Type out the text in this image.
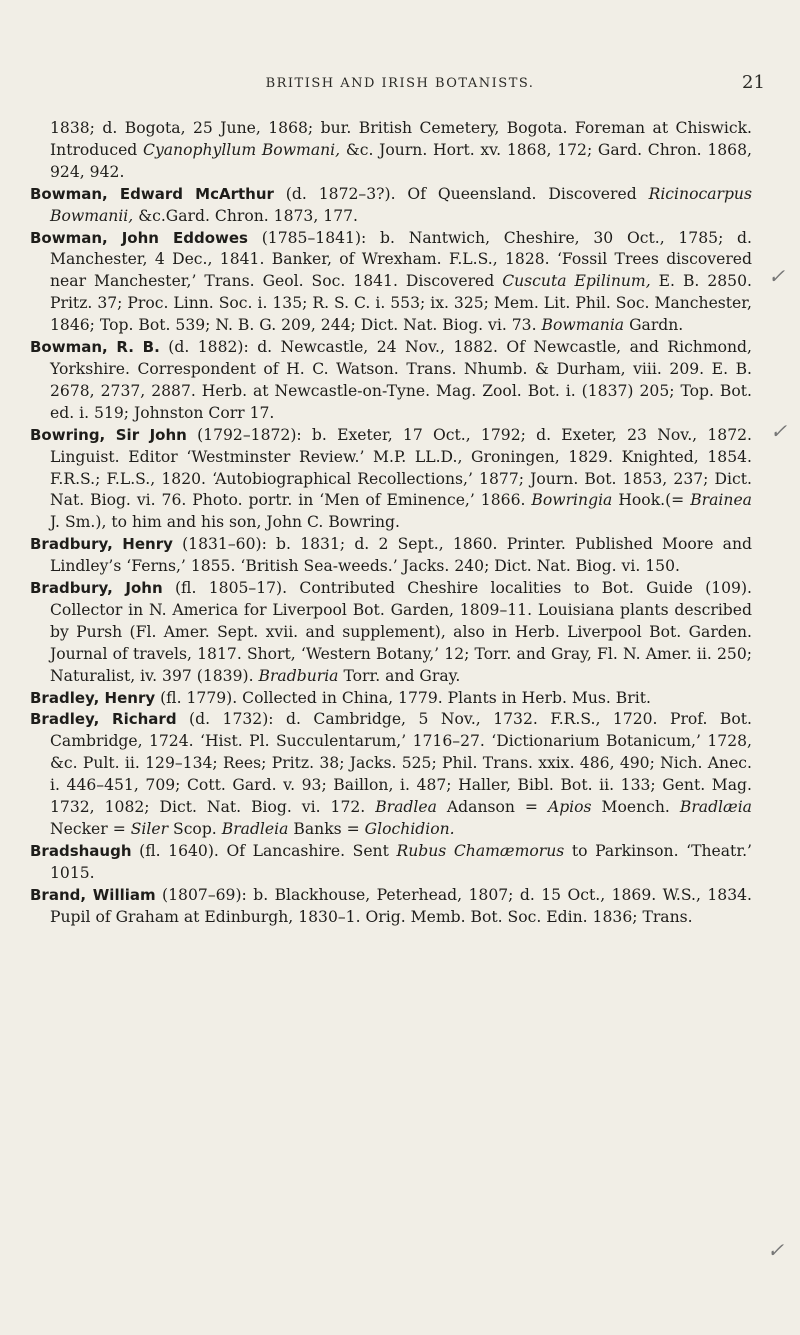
BRITISH AND IRISH BOTANISTS.	21
✓
✓
✓

1838; d. Bogota, 25 June, 1868; bur. British Cemetery, Bogota. Foreman at Chiswick. Introduced Cyanophyllum Bowmani, &c. Journ. Hort. xv. 1868, 172; Gard. Chron. 1868, 924, 942.

Bowman, Edward McArthur (d. 1872–3?). Of Queensland. Discovered Ricinocarpus Bowmanii, &c.Gard. Chron. 1873, 177.

Bowman, John Eddowes (1785–1841): b. Nantwich, Cheshire, 30 Oct., 1785; d. Manchester, 4 Dec., 1841. Banker, of Wrexham. F.L.S., 1828. ‘Fossil Trees discovered near Manchester,’ Trans. Geol. Soc. 1841. Discovered Cuscuta Epilinum, E. B. 2850. Pritz. 37; Proc. Linn. Soc. i. 135; R. S. C. i. 553; ix. 325; Mem. Lit. Phil. Soc. Manchester, 1846; Top. Bot. 539; N. B. G. 209, 244; Dict. Nat. Biog. vi. 73. Bowmania Gardn.

Bowman, R. B. (d. 1882): d. Newcastle, 24 Nov., 1882. Of Newcastle, and Richmond, Yorkshire. Correspondent of H. C. Watson. Trans. Nhumb. & Durham, viii. 209. E. B. 2678, 2737, 2887. Herb. at Newcastle-on-Tyne. Mag. Zool. Bot. i. (1837) 205; Top. Bot. ed. i. 519; Johnston Corr 17.

Bowring, Sir John (1792–1872): b. Exeter, 17 Oct., 1792; d. Exeter, 23 Nov., 1872. Linguist. Editor ‘Westminster Review.’ M.P. LL.D., Groningen, 1829. Knighted, 1854. F.R.S.; F.L.S., 1820. ‘Autobiographical Recollections,’ 1877; Journ. Bot. 1853, 237; Dict. Nat. Biog. vi. 76. Photo. portr. in ‘Men of Eminence,’ 1866. Bowringia Hook.(= Brainea J. Sm.), to him and his son, John C. Bowring.

Bradbury, Henry (1831–60): b. 1831; d. 2 Sept., 1860. Printer. Published Moore and Lindley’s ‘Ferns,’ 1855. ‘British Sea-weeds.’ Jacks. 240; Dict. Nat. Biog. vi. 150.

Bradbury, John (fl. 1805–17). Contributed Cheshire localities to Bot. Guide (109). Collector in N. America for Liverpool Bot. Garden, 1809–11. Louisiana plants described by Pursh (Fl. Amer. Sept. xvii. and supplement), also in Herb. Liverpool Bot. Garden. Journal of travels, 1817. Short, ‘Western Botany,’ 12; Torr. and Gray, Fl. N. Amer. ii. 250; Naturalist, iv. 397 (1839). Bradburia Torr. and Gray.

Bradley, Henry (fl. 1779). Collected in China, 1779. Plants in Herb. Mus. Brit.

Bradley, Richard (d. 1732): d. Cambridge, 5 Nov., 1732. F.R.S., 1720. Prof. Bot. Cambridge, 1724. ‘Hist. Pl. Succulentarum,’ 1716–27. ‘Dictionarium Botanicum,’ 1728, &c. Pult. ii. 129–134; Rees; Pritz. 38; Jacks. 525; Phil. Trans. xxix. 486, 490; Nich. Anec. i. 446–451, 709; Cott. Gard. v. 93; Baillon, i. 487; Haller, Bibl. Bot. ii. 133; Gent. Mag. 1732, 1082; Dict. Nat. Biog. vi. 172. Bradlea Adanson = Apios Moench. Bradlæia Necker = Siler Scop. Bradleia Banks = Glochidion.

Bradshaugh (fl. 1640). Of Lancashire. Sent Rubus Chamæmorus to Parkinson. ‘Theatr.’ 1015.

Brand, William (1807–69): b. Blackhouse, Peterhead, 1807; d. 15 Oct., 1869. W.S., 1834. Pupil of Graham at Edinburgh, 1830–1. Orig. Memb. Bot. Soc. Edin. 1836; Trans.
